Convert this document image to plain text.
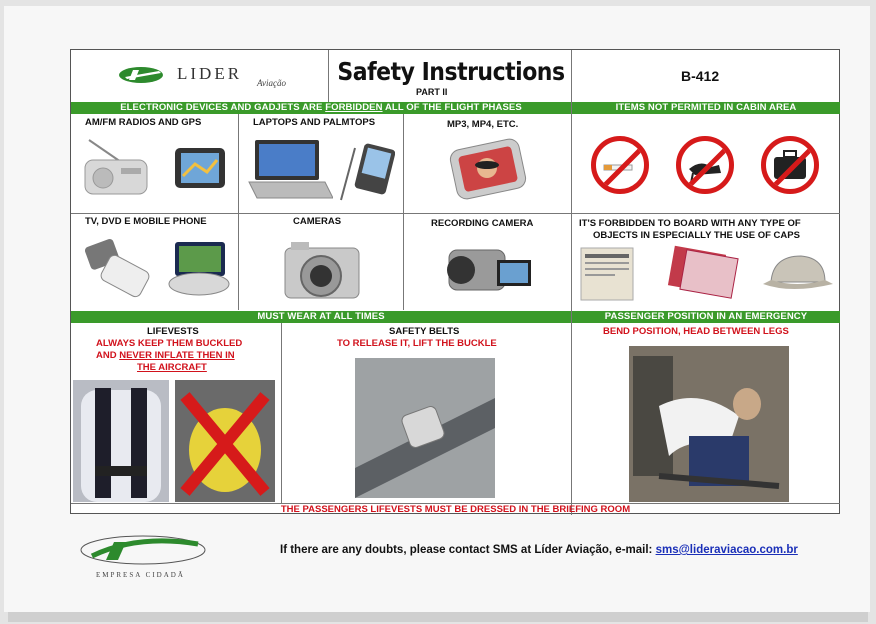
LIDER Aviação Safety Instructions
PART II
B-412
ELECTRONIC DEVICES AND GADJETS ARE FORBIDDEN ALL OF THE FLIGHT PHASES	ITEMS NOT PERMITED IN CABIN AREA
AM/FM RADIOS AND GPS	LAPTOPS AND PALMTOPS	MP3, MP4, ETC.
TV, DVD E MOBILE PHONE	CAMERAS	RECORDING CAMERA	IT'S FORBIDDEN TO BOARD WITH ANY TYPE OF
OBJECTS IN ESPECIALLY THE USE OF CAPS
MUST WEAR AT ALL TIMES	PASSENGER POSITION IN AN EMERGENCY
LIFEVESTS
ALWAYS KEEP THEM BUCKLED
AND NEVER INFLATE THEN IN
THE AIRCRAFT
SAFETY BELTS
TO RELEASE IT, LIFT THE BUCKLE
BEND POSITION, HEAD BETWEEN LEGS
THE PASSENGERS LIFEVESTS MUST BE DRESSED IN THE BRIEFING ROOM
EMPRESA CIDADÃ
If there are any doubts, please contact SMS at Líder Aviação, e-mail: sms@lideraviacao.com.br
